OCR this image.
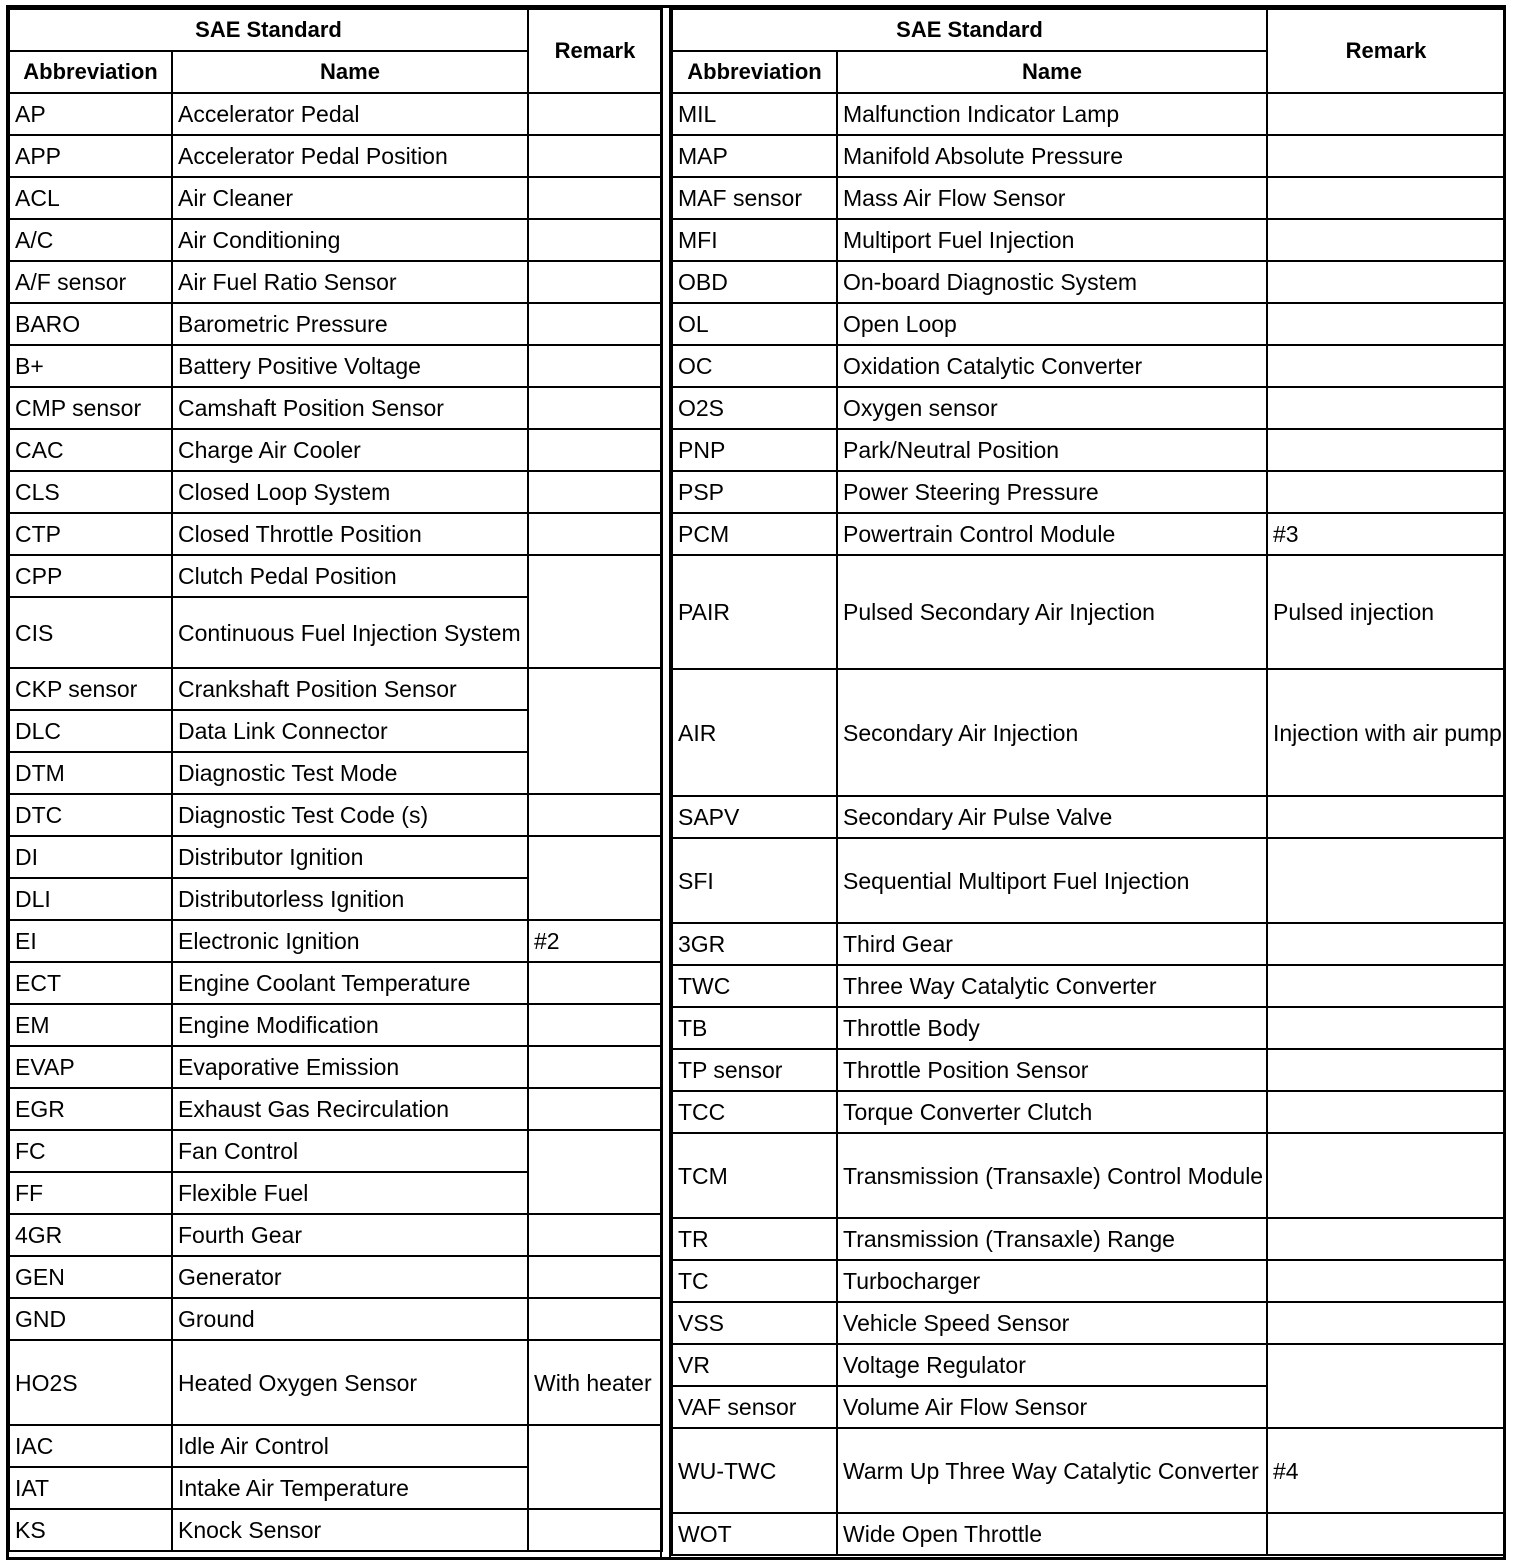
SAE Standard		Remark
Abbreviation	Name	
AP	Accelerator Pedal	
APP	Accelerator Pedal Position	
ACL	Air Cleaner	
A/C	Air Conditioning	
A/F sensor	Air Fuel Ratio Sensor	
BARO	Barometric Pressure	
B+	Battery Positive Voltage	
CMP sensor	Camshaft Position Sensor	
CAC	Charge Air Cooler	
CLS	Closed Loop System	
CTP	Closed Throttle Position	
CPP	Clutch Pedal Position	
CIS	Continuous Fuel Injection System	
CKP sensor	Crankshaft Position Sensor	
DLC	Data Link Connector	
DTM	Diagnostic Test Mode	
DTC	Diagnostic Test Code (s)	
DI	Distributor Ignition	
DLI	Distributorless Ignition	
EI	Electronic Ignition	#2
ECT	Engine Coolant Temperature	
EM	Engine Modification	
EVAP	Evaporative Emission	
EGR	Exhaust Gas Recirculation	
FC	Fan Control	
FF	Flexible Fuel	
4GR	Fourth Gear	
GEN	Generator	
GND	Ground	
HO2S	Heated Oxygen Sensor	With heater
IAC	Idle Air Control	
IAT	Intake Air Temperature	
KS	Knock Sensor	
SAE Standard		Remark
Abbreviation	Name	
MIL	Malfunction Indicator Lamp	
MAP	Manifold Absolute Pressure	
MAF sensor	Mass Air Flow Sensor	
MFI	Multiport Fuel Injection	
OBD	On-board Diagnostic System	
OL	Open Loop	
OC	Oxidation Catalytic Converter	
O2S	Oxygen sensor	
PNP	Park/Neutral Position	
PSP	Power Steering Pressure	
PCM	Powertrain Control Module	#3
PAIR	Pulsed Secondary Air Injection	Pulsed injection
AIR	Secondary Air Injection	Injection with air pump
SAPV	Secondary Air Pulse Valve	
SFI	Sequential Multiport Fuel Injection	
3GR	Third Gear	
TWC	Three Way Catalytic Converter	
TB	Throttle Body	
TP sensor	Throttle Position Sensor	
TCC	Torque Converter Clutch	
TCM	Transmission (Transaxle) Control Module	
TR	Transmission (Transaxle) Range	
TC	Turbocharger	
VSS	Vehicle Speed Sensor	
VR	Voltage Regulator	
VAF sensor	Volume Air Flow Sensor	
WU-TWC	Warm Up Three Way Catalytic Converter	#4
WOT	Wide Open Throttle	
